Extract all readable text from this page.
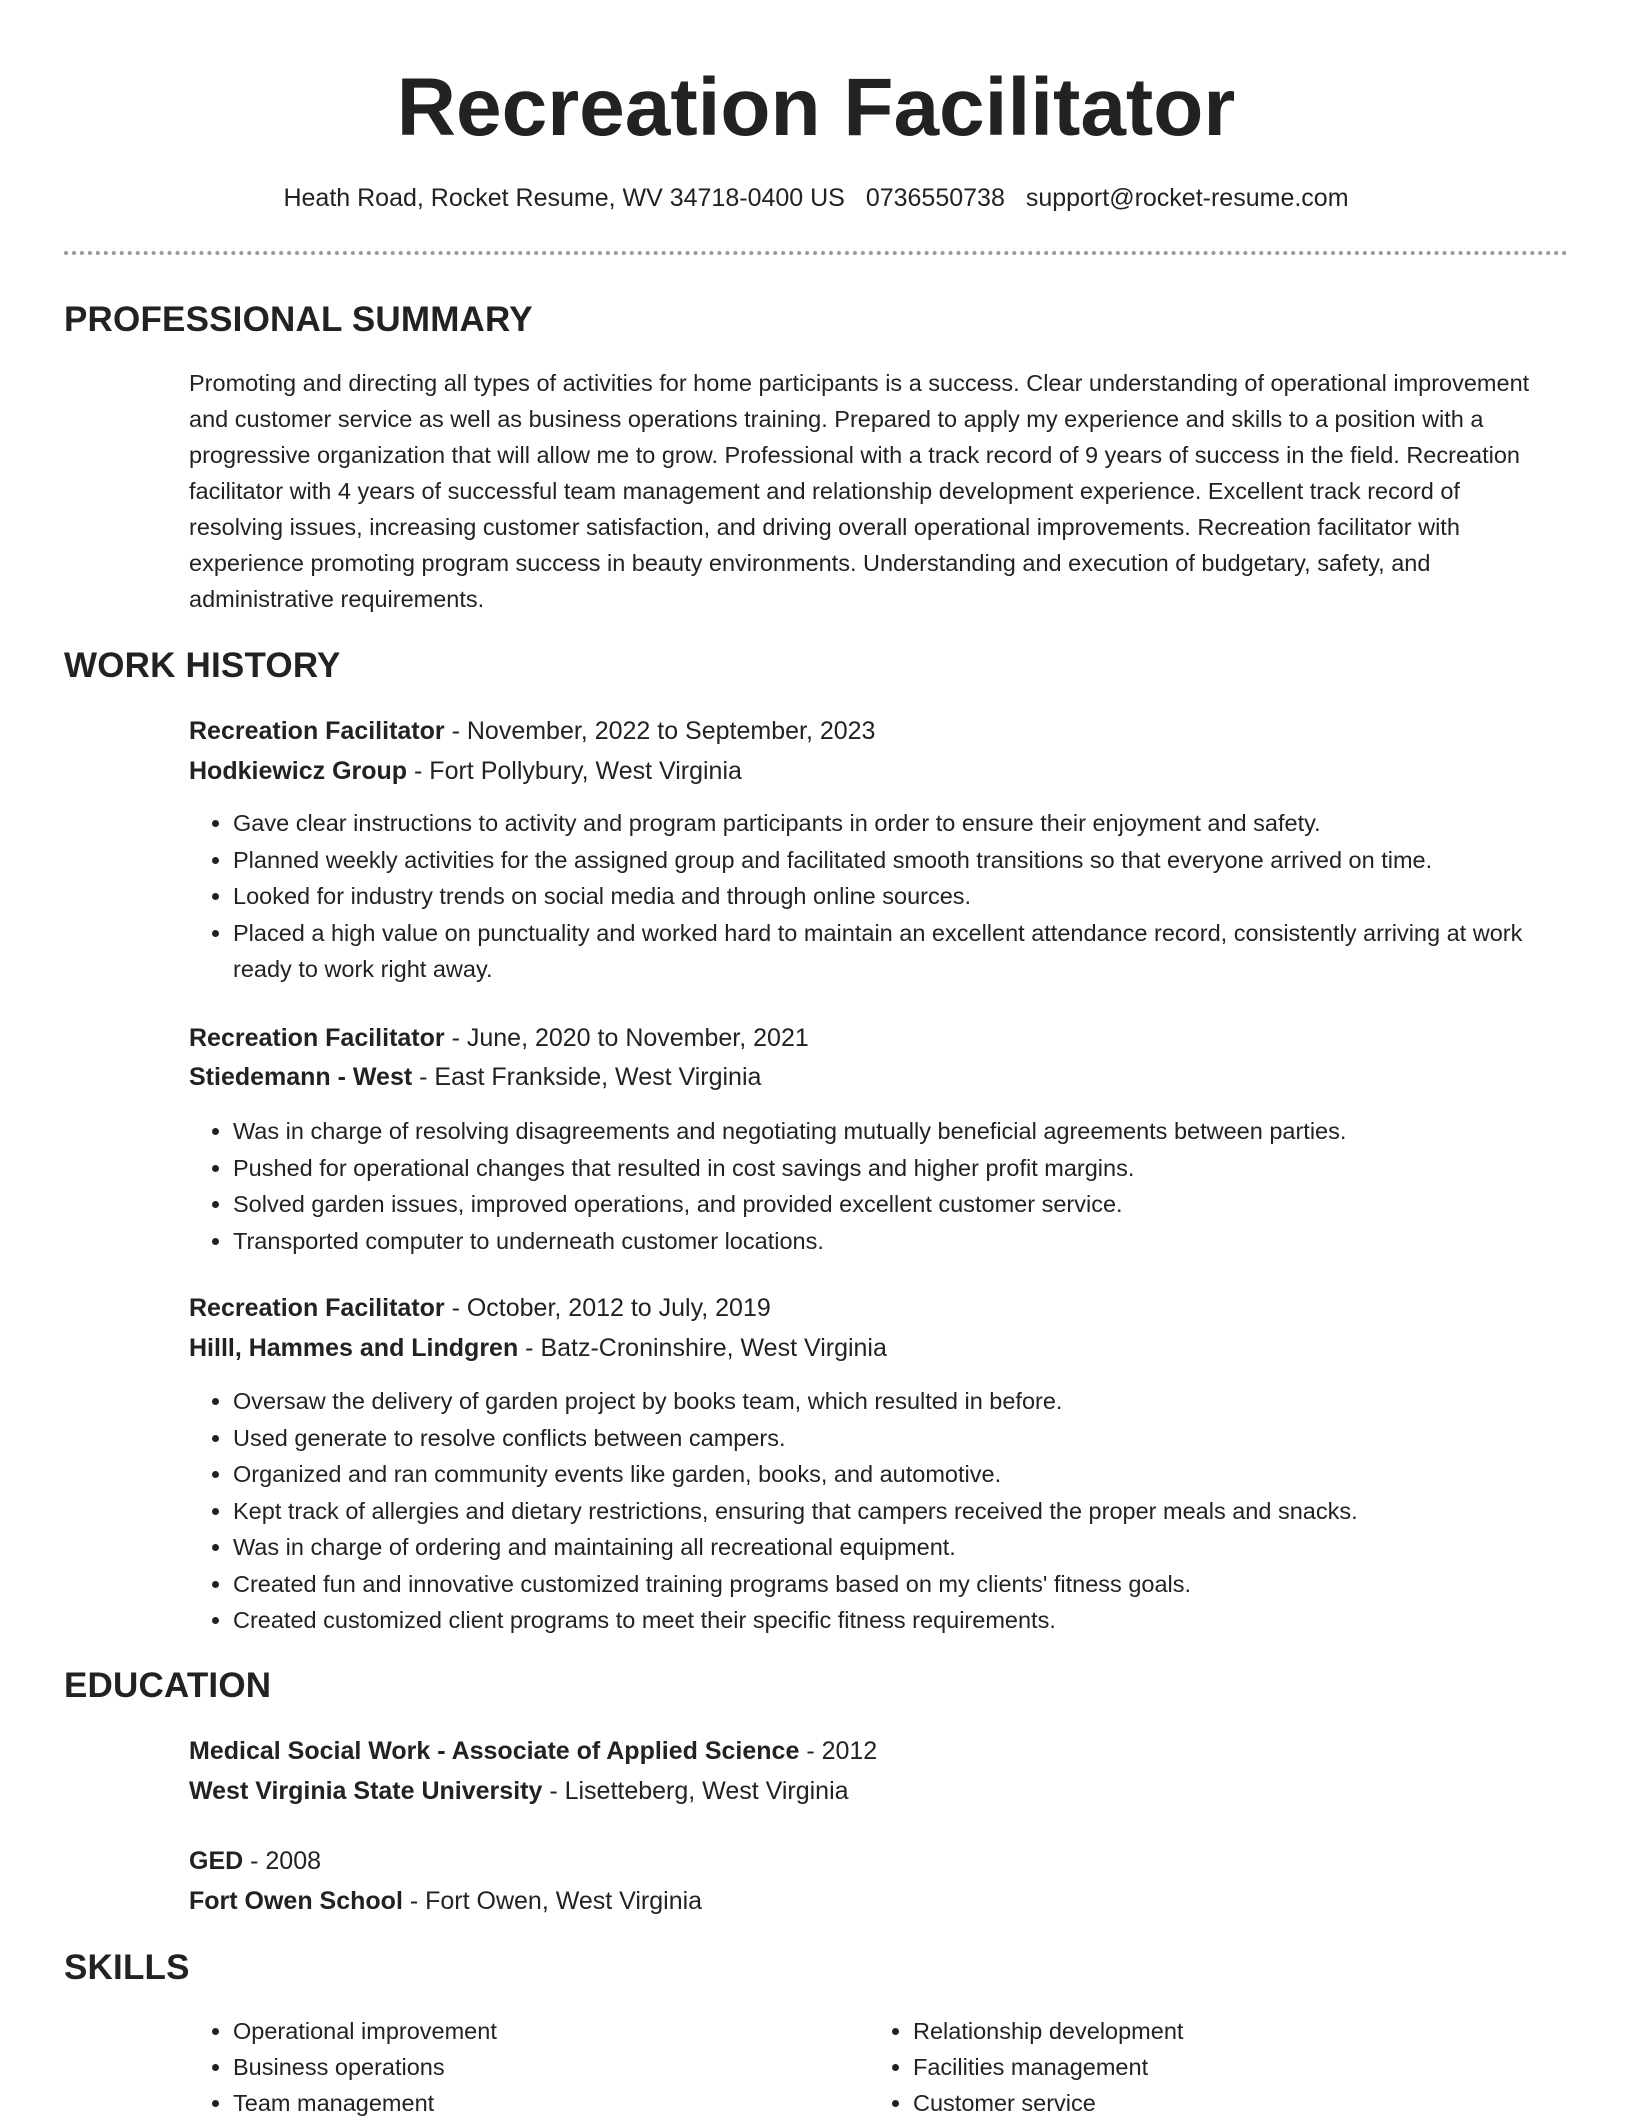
Recreation Facilitator
Heath Road, Rocket Resume, WV 34718-0400 US 0736550738 support@rocket-resume.com
PROFESSIONAL SUMMARY

Promoting and directing all types of activities for home participants is a success. Clear understanding of operational improvement and customer service as well as business operations training. Prepared to apply my experience and skills to a position with a progressive organization that will allow me to grow. Professional with a track record of 9 years of success in the field. Recreation facilitator with 4 years of successful team management and relationship development experience. Excellent track record of resolving issues, increasing customer satisfaction, and driving overall operational improvements. Recreation facilitator with experience promoting program success in beauty environments. Understanding and execution of budgetary, safety, and administrative requirements.

WORK HISTORY
Recreation Facilitator - November, 2022 to September, 2023
Hodkiewicz Group - Fort Pollybury, West Virginia
• Gave clear instructions to activity and program participants in order to ensure their enjoyment and safety.
• Planned weekly activities for the assigned group and facilitated smooth transitions so that everyone arrived on time.
• Looked for industry trends on social media and through online sources.
• Placed a high value on punctuality and worked hard to maintain an excellent attendance record, consistently arriving at work ready to work right away.
Recreation Facilitator - June, 2020 to November, 2021
Stiedemann - West - East Frankside, West Virginia
• Was in charge of resolving disagreements and negotiating mutually beneficial agreements between parties.
• Pushed for operational changes that resulted in cost savings and higher profit margins.
• Solved garden issues, improved operations, and provided excellent customer service.
• Transported computer to underneath customer locations.
Recreation Facilitator - October, 2012 to July, 2019
Hilll, Hammes and Lindgren - Batz-Croninshire, West Virginia
• Oversaw the delivery of garden project by books team, which resulted in before.
• Used generate to resolve conflicts between campers.
• Organized and ran community events like garden, books, and automotive.
• Kept track of allergies and dietary restrictions, ensuring that campers received the proper meals and snacks.
• Was in charge of ordering and maintaining all recreational equipment.
• Created fun and innovative customized training programs based on my clients' fitness goals.
• Created customized client programs to meet their specific fitness requirements.
EDUCATION
Medical Social Work - Associate of Applied Science - 2012
West Virginia State University - Lisetteberg, West Virginia
GED - 2008
Fort Owen School - Fort Owen, West Virginia
SKILLS
• Operational improvement
• Business operations
• Team management
• Relationship development
• Facilities management
• Customer service
